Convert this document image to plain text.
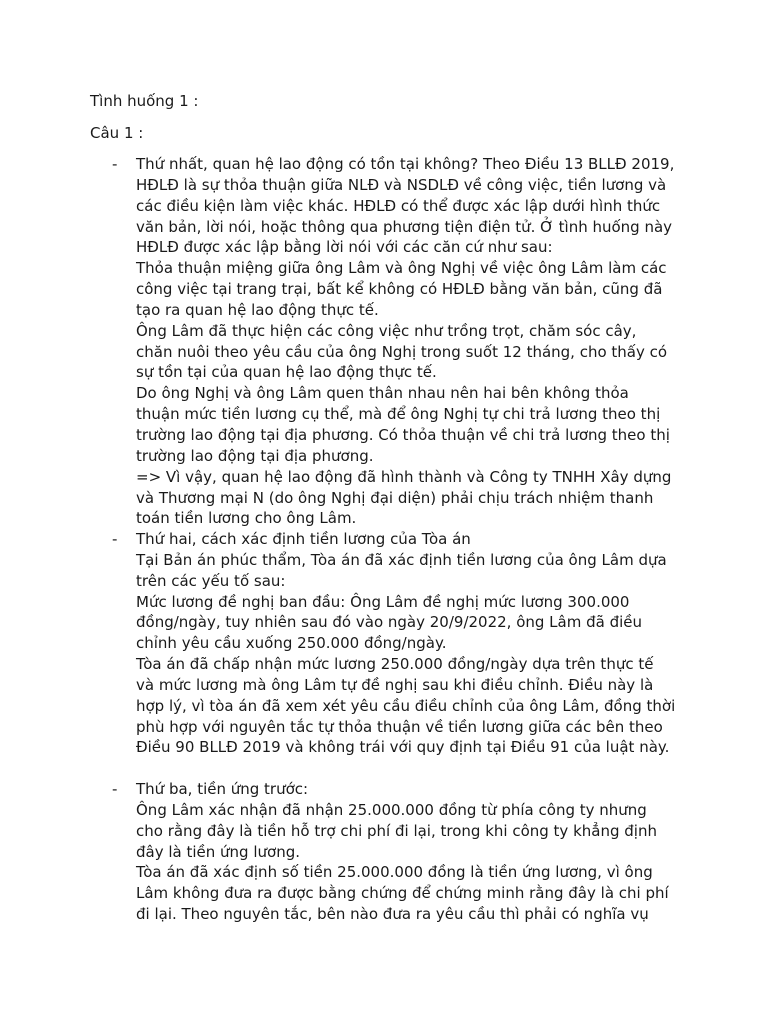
Tình huống 1 :

Câu 1 :

- Thứ nhất, quan hệ lao động có tồn tại không? Theo Điều 13 BLLĐ 2019,

HĐLĐ là sự thỏa thuận giữa NLĐ và NSDLĐ về công việc, tiền lương và

các điều kiện làm việc khác. HĐLĐ có thể được xác lập dưới hình thức

văn bản, lời nói, hoặc thông qua phương tiện điện tử. Ở tình huống này

HĐLĐ được xác lập bằng lời nói với các căn cứ như sau:

Thỏa thuận miệng giữa ông Lâm và ông Nghị về việc ông Lâm làm các

công việc tại trang trại, bất kể không có HĐLĐ bằng văn bản, cũng đã

tạo ra quan hệ lao động thực tế.

Ông Lâm đã thực hiện các công việc như trồng trọt, chăm sóc cây,

chăn nuôi theo yêu cầu của ông Nghị trong suốt 12 tháng, cho thấy có

sự tồn tại của quan hệ lao động thực tế.

Do ông Nghị và ông Lâm quen thân nhau nên hai bên không thỏa

thuận mức tiền lương cụ thể, mà để ông Nghị tự chi trả lương theo thị

trường lao động tại địa phương. Có thỏa thuận về chi trả lương theo thị

trường lao động tại địa phương.

=> Vì vậy, quan hệ lao động đã hình thành và Công ty TNHH Xây dựng

và Thương mại N (do ông Nghị đại diện) phải chịu trách nhiệm thanh

toán tiền lương cho ông Lâm.

- Thứ hai, cách xác định tiền lương của Tòa án

Tại Bản án phúc thẩm, Tòa án đã xác định tiền lương của ông Lâm dựa

trên các yếu tố sau:

Mức lương đề nghị ban đầu: Ông Lâm đề nghị mức lương 300.000

đồng/ngày, tuy nhiên sau đó vào ngày 20/9/2022, ông Lâm đã điều

chỉnh yêu cầu xuống 250.000 đồng/ngày.

Tòa án đã chấp nhận mức lương 250.000 đồng/ngày dựa trên thực tế

và mức lương mà ông Lâm tự đề nghị sau khi điều chỉnh. Điều này là

hợp lý, vì tòa án đã xem xét yêu cầu điều chỉnh của ông Lâm, đồng thời

phù hợp với nguyên tắc tự thỏa thuận về tiền lương giữa các bên theo

Điều 90 BLLĐ 2019 và không trái với quy định tại Điều 91 của luật này.

- Thứ ba, tiền ứng trước:

Ông Lâm xác nhận đã nhận 25.000.000 đồng từ phía công ty nhưng

cho rằng đây là tiền hỗ trợ chi phí đi lại, trong khi công ty khẳng định

đây là tiền ứng lương.

Tòa án đã xác định số tiền 25.000.000 đồng là tiền ứng lương, vì ông

Lâm không đưa ra được bằng chứng để chứng minh rằng đây là chi phí

đi lại. Theo nguyên tắc, bên nào đưa ra yêu cầu thì phải có nghĩa vụ
